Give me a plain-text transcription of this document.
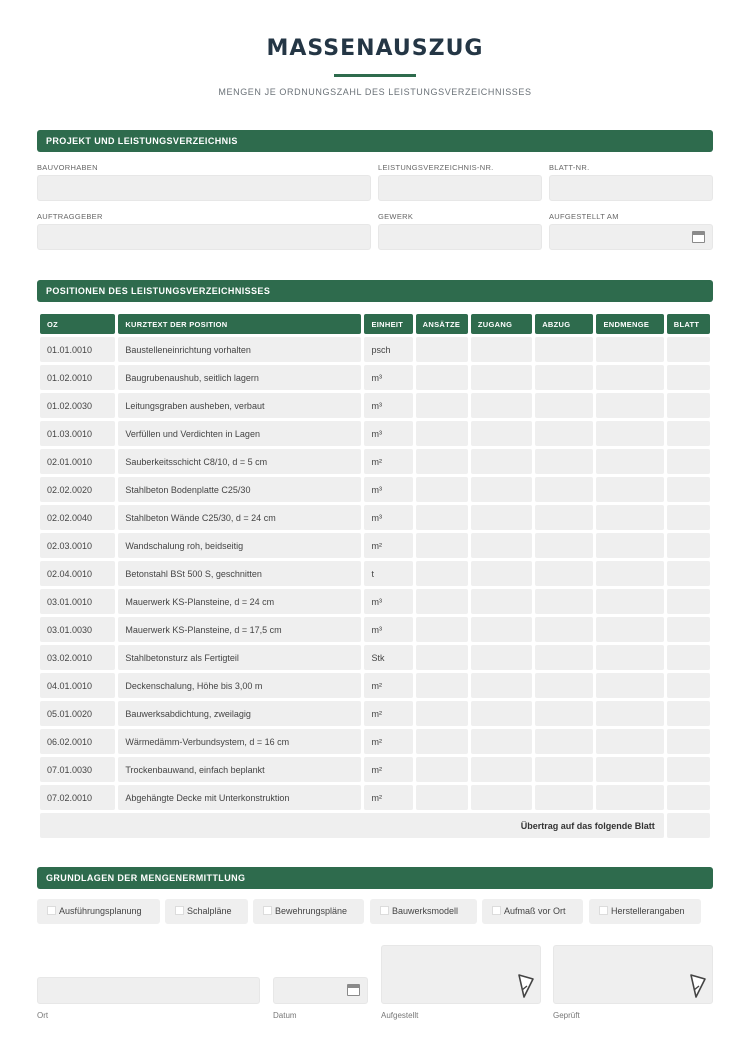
MASSENAUSZUG
MENGEN JE ORDNUNGSZAHL DES LEISTUNGSVERZEICHNISSES
PROJEKT UND LEISTUNGSVERZEICHNIS
BAUVORHABEN	LEISTUNGSVERZEICHNIS-NR.	BLATT-NR.
AUFTRAGGEBER	GEWERK	AUFGESTELLT AM
POSITIONEN DES LEISTUNGSVERZEICHNISSES
OZ	KURZTEXT DER POSITION	EINHEIT	ANSÄTZE	ZUGANG	ABZUG	ENDMENGE	BLATT
01.01.0010	Baustelleneinrichtung vorhalten	psch					
01.02.0010	Baugrubenaushub, seitlich lagern	m³					
01.02.0030	Leitungsgraben ausheben, verbaut	m³					
01.03.0010	Verfüllen und Verdichten in Lagen	m³					
02.01.0010	Sauberkeitsschicht C8/10, d = 5 cm	m²					
02.02.0020	Stahlbeton Bodenplatte C25/30	m³					
02.02.0040	Stahlbeton Wände C25/30, d = 24 cm	m³					
02.03.0010	Wandschalung roh, beidseitig	m²					
02.04.0010	Betonstahl BSt 500 S, geschnitten	t					
03.01.0010	Mauerwerk KS-Plansteine, d = 24 cm	m³					
03.01.0030	Mauerwerk KS-Plansteine, d = 17,5 cm	m³					
03.02.0010	Stahlbetonsturz als Fertigteil	Stk					
04.01.0010	Deckenschalung, Höhe bis 3,00 m	m²					
05.01.0020	Bauwerksabdichtung, zweilagig	m²					
06.02.0010	Wärmedämm-Verbundsystem, d = 16 cm	m²					
07.01.0030	Trockenbauwand, einfach beplankt	m²					
07.02.0010	Abgehängte Decke mit Unterkonstruktion	m²					
Übertrag auf das folgende Blatt							
GRUNDLAGEN DER MENGENERMITTLUNG
Ausführungsplanung	Schalpläne	Bewehrungspläne	Bauwerksmodell	Aufmaß vor Ort	Herstellerangaben
Ort	Datum	Aufgestellt	Geprüft
